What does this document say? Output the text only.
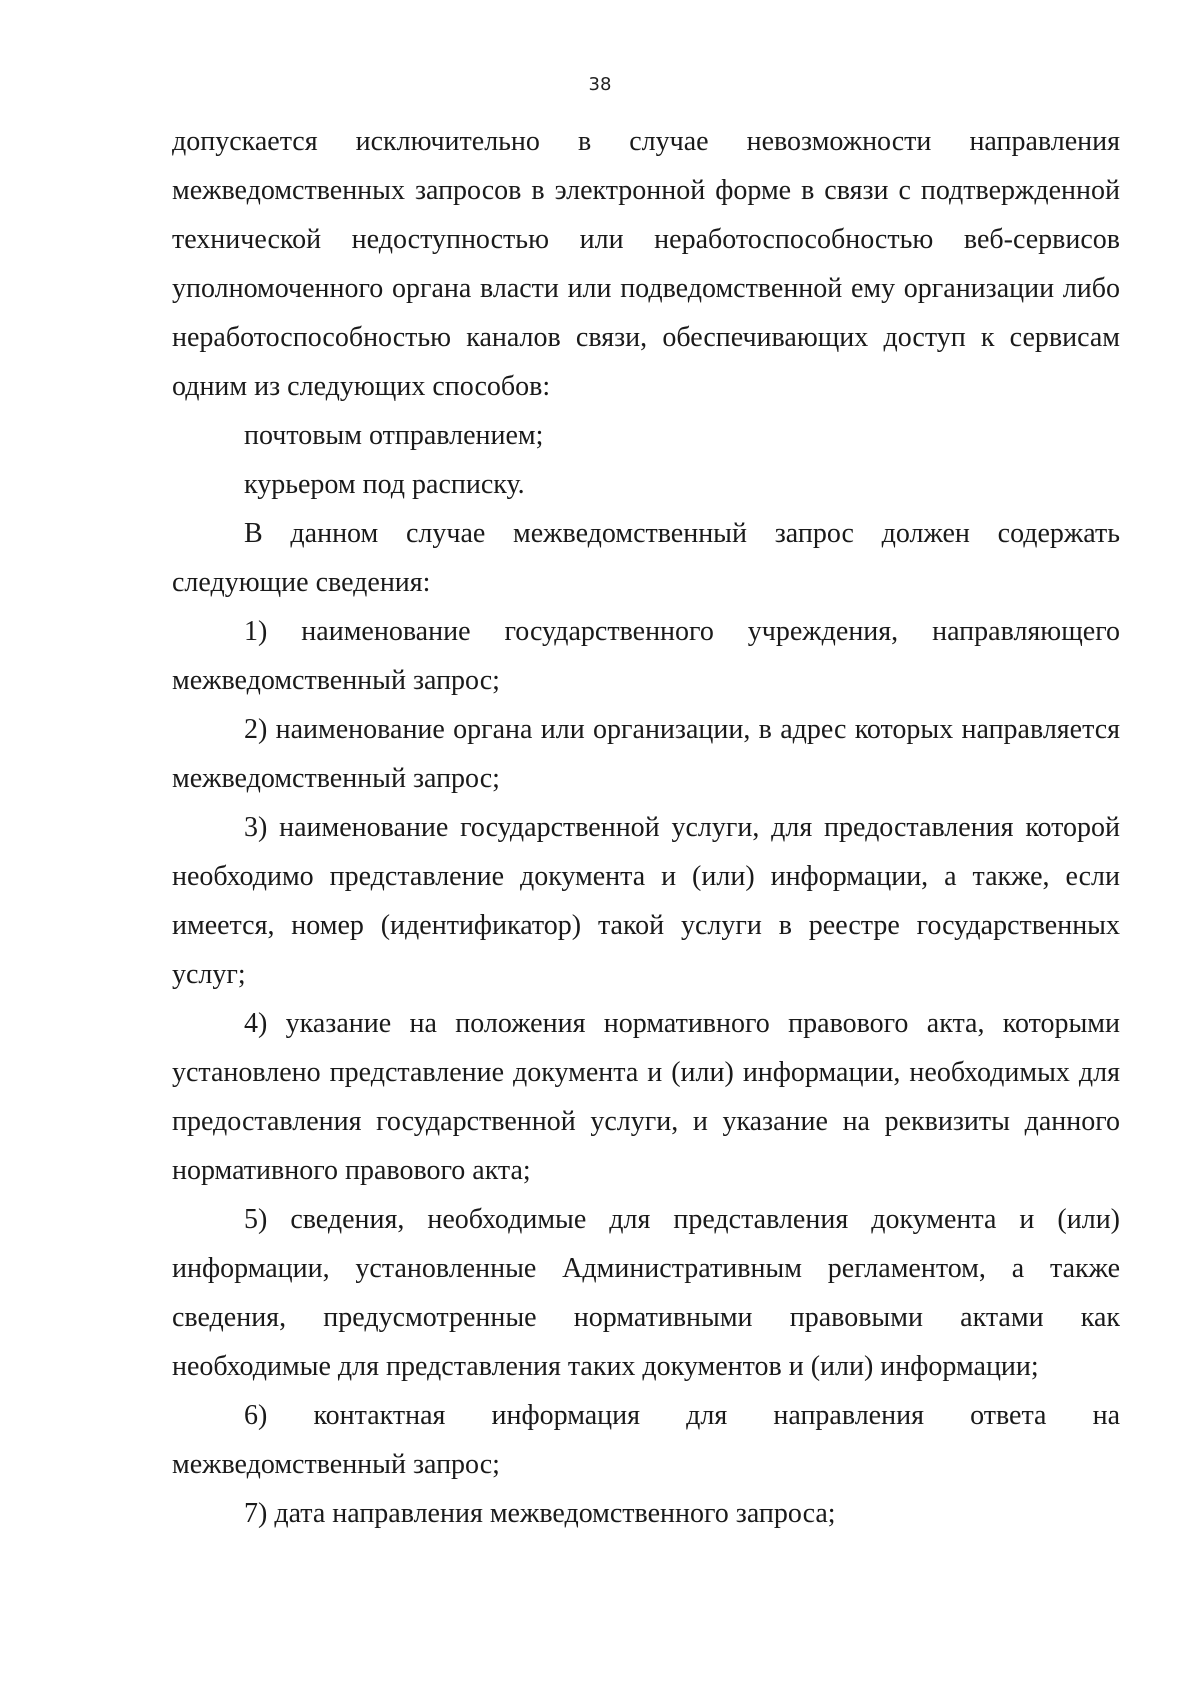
38

допускается исключительно в случае невозможности направления межведомственных запросов в электронной форме в связи с подтвержденной технической недоступностью или неработоспособностью веб-сервисов уполномоченного органа власти или подведомственной ему организации либо неработоспособностью каналов связи, обеспечивающих доступ к сервисам одним из следующих способов:

почтовым отправлением;

курьером под расписку.

В данном случае межведомственный запрос должен содержать следующие сведения:

1) наименование государственного учреждения, направляющего межведомственный запрос;

2) наименование органа или организации, в адрес которых направляется межведомственный запрос;

3) наименование государственной услуги, для предоставления которой необходимо представление документа и (или) информации, а также, если имеется, номер (идентификатор) такой услуги в реестре государственных услуг;

4) указание на положения нормативного правового акта, которыми установлено представление документа и (или) информации, необходимых для предоставления государственной услуги, и указание на реквизиты данного нормативного правового акта;

5) сведения, необходимые для представления документа и (или) информации, установленные Административным регламентом, а также сведения, предусмотренные нормативными правовыми актами как необходимые для представления таких документов и (или) информации;

6) контактная информация для направления ответа на межведомственный запрос;

7) дата направления межведомственного запроса;
